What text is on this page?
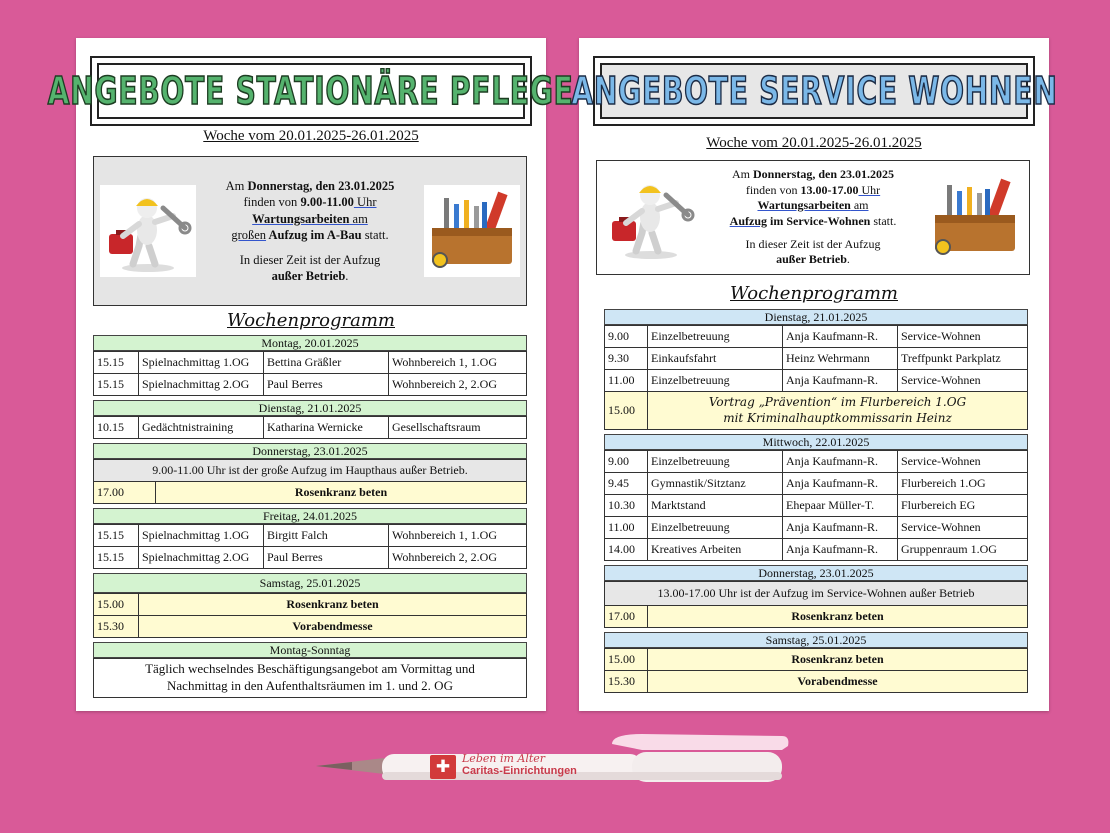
ANGEBOTE STATIONÄRE PFLEGE
Woche vom 20.01.2025-26.01.2025

Am Donnerstag, den 23.01.2025

finden von 9.00-11.00 Uhr

Wartungsarbeiten am

großen Aufzug im A-Bau statt.

In dieser Zeit ist der Aufzug

außer Betrieb.

Wochenprogramm
Montag, 20.01.2025
15.15	Spielnachmittag 1.OG	Bettina Gräßler	Wohnbereich 1, 1.OG
15.15	Spielnachmittag 2.OG	Paul Berres	Wohnbereich 2, 2.OG
Dienstag, 21.01.2025
10.15	Gedächtnistraining	Katharina Wernicke	Gesellschaftsraum
Donnerstag, 23.01.2025
9.00-11.00 Uhr ist der große Aufzug im Haupthaus außer Betrieb.
17.00	Rosenkranz beten
Freitag, 24.01.2025
15.15	Spielnachmittag 1.OG	Birgitt Falch	Wohnbereich 1, 1.OG
15.15	Spielnachmittag 2.OG	Paul Berres	Wohnbereich 2, 2.OG
Samstag, 25.01.2025
15.00	Rosenkranz beten
15.30	Vorabendmesse
Montag-Sonntag
Täglich wechselndes Beschäftigungsangebot am Vormittag und
Nachmittag in den Aufenthaltsräumen im 1. und 2. OG
ANGEBOTE SERVICE WOHNEN
Woche vom 20.01.2025-26.01.2025

Am Donnerstag, den 23.01.2025

finden von 13.00-17.00 Uhr

Wartungsarbeiten am

Aufzug im Service-Wohnen statt.

In dieser Zeit ist der Aufzug

außer Betrieb.

Wochenprogramm
Dienstag, 21.01.2025
9.00	Einzelbetreuung	Anja Kaufmann-R.	Service-Wohnen
9.30	Einkaufsfahrt	Heinz Wehrmann	Treffpunkt Parkplatz
11.00	Einzelbetreuung	Anja Kaufmann-R.	Service-Wohnen
15.00	Vortrag „Prävention“ im Flurbereich 1.OG
mit Kriminalhauptkommissarin Heinz		
Mittwoch, 22.01.2025
9.00	Einzelbetreuung	Anja Kaufmann-R.	Service-Wohnen
9.45	Gymnastik/Sitztanz	Anja Kaufmann-R.	Flurbereich 1.OG
10.30	Marktstand	Ehepaar Müller-T.	Flurbereich EG
11.00	Einzelbetreuung	Anja Kaufmann-R.	Service-Wohnen
14.00	Kreatives Arbeiten	Anja Kaufmann-R.	Gruppenraum 1.OG
Donnerstag, 23.01.2025
13.00-17.00 Uhr ist der Aufzug im Service-Wohnen außer Betrieb
17.00	Rosenkranz beten
Samstag, 25.01.2025
15.00	Rosenkranz beten
15.30	Vorabendmesse
✚	Leben im Alter
Caritas-Einrichtungen
